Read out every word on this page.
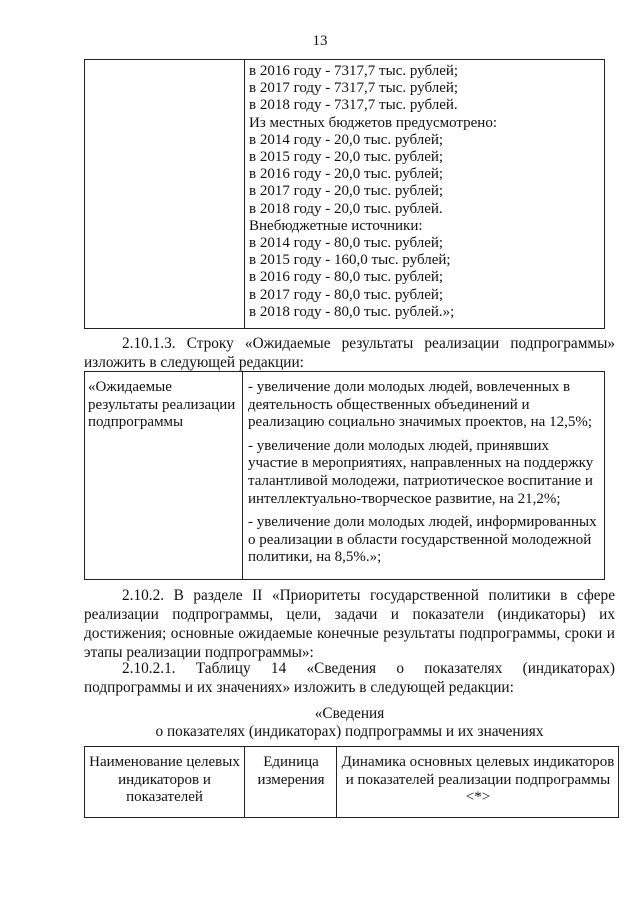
13
в 2016 году - 7317,7 тыс. рублей;
в 2017 году - 7317,7 тыс. рублей;
в 2018 году - 7317,7 тыс. рублей.
Из местных бюджетов предусмотрено:
в 2014 году - 20,0 тыс. рублей;
в 2015 году - 20,0 тыс. рублей;
в 2016 году - 20,0 тыс. рублей;
в 2017 году - 20,0 тыс. рублей;
в 2018 году - 20,0 тыс. рублей.
Внебюджетные источники:
в 2014 году - 80,0 тыс. рублей;
в 2015 году - 160,0 тыс. рублей;
в 2016 году - 80,0 тыс. рублей;
в 2017 году - 80,0 тыс. рублей;
в 2018 году - 80,0 тыс. рублей.»;
2.10.1.3. Строку «Ожидаемые результаты реализации подпрограммы» изложить в следующей редакции:
«Ожидаемые результаты реализации подпрограммы

- увеличение доли молодых людей, вовлеченных в деятельность общественных объединений и реализацию социально значимых проектов, на 12,5%;

- увеличение доли молодых людей, принявших участие в мероприятиях, направленных на поддержку талантливой молодежи, патриотическое воспитание и интеллектуально-творческое развитие, на 21,2%;

- увеличение доли молодых людей, информированных о реализации в области государственной молодежной политики, на 8,5%.»;

2.10.2. В разделе II «Приоритеты государственной политики в сфере реализации подпрограммы, цели, задачи и показатели (индикаторы) их достижения; основные ожидаемые конечные результаты подпрограммы, сроки и этапы реализации подпрограммы»:
2.10.2.1. Таблицу 14 «Сведения о показателях (индикаторах) подпрограммы и их значениях» изложить в следующей редакции:
«Сведения
о показателях (индикаторах) подпрограммы и их значениях
Наименование целевых индикаторов и показателей
Единица измерения
Динамика основных целевых индикаторов и показателей реализации подпрограммы <*>
